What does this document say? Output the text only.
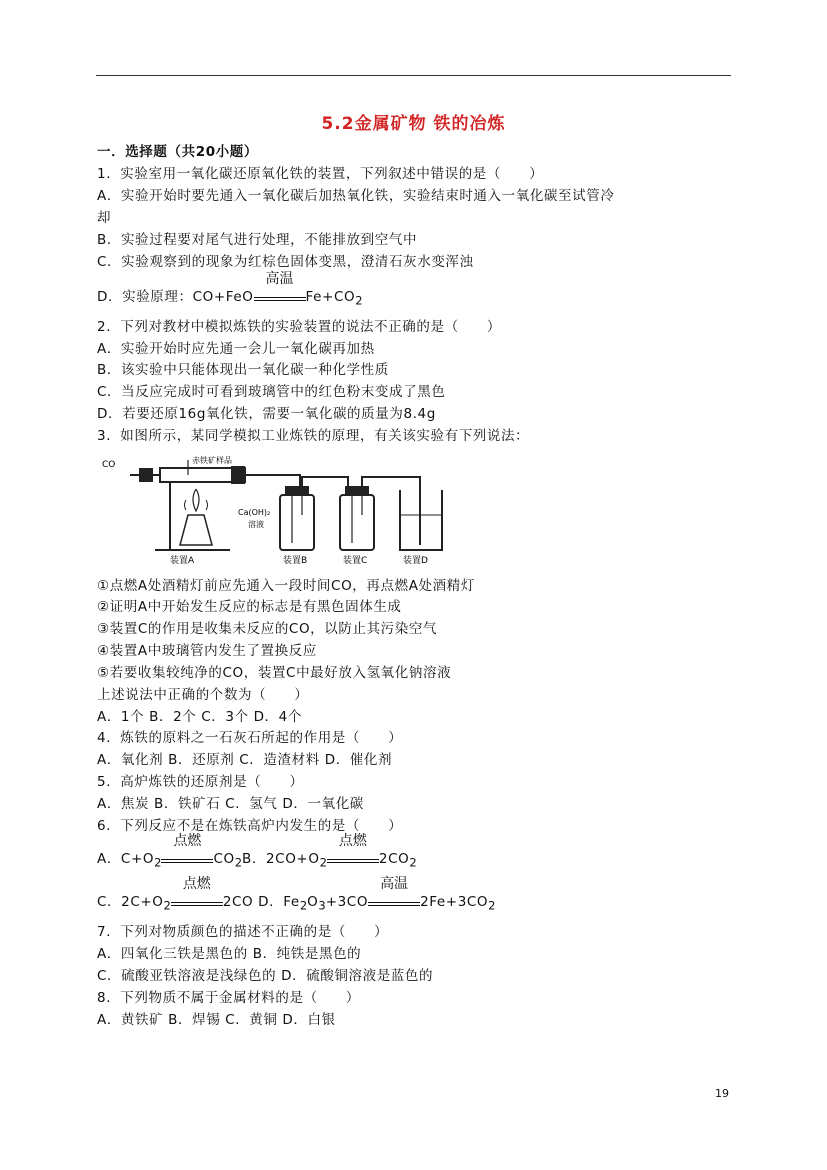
5.2金属矿物 铁的冶炼
一．选择题（共20小题）
1．实验室用一氧化碳还原氧化铁的装置，下列叙述中错误的是（　　）
A．实验开始时要先通入一氧化碳后加热氧化铁，实验结束时通入一氧化碳至试管冷
却
B．实验过程要对尾气进行处理，不能排放到空气中
C．实验观察到的现象为红棕色固体变黑，澄清石灰水变浑浊
D．实验原理：CO+FeO
高温
$Fe+CO_2$
2．下列对教材中模拟炼铁的实验装置的说法不正确的是（　　）
A．实验开始时应先通一会儿一氧化碳再加热
B．该实验中只能体现出一氧化碳一种化学性质
C．当反应完成时可看到玻璃管中的红色粉末变成了黑色
D．若要还原16g氧化铁，需要一氧化碳的质量为8.4g
3．如图所示，某同学模拟工业炼铁的原理，有关该实验有下列说法：
CO	赤铁矿样品
Ca(OH)₂
溶液
装置A	装置B	装置C	装置D
①点燃A处酒精灯前应先通入一段时间CO，再点燃A处酒精灯
②证明A中开始发生反应的标志是有黑色固体生成
③装置C的作用是收集未反应的CO，以防止其污染空气
④装置A中玻璃管内发生了置换反应
⑤若要收集较纯净的CO，装置C中最好放入氢氧化钠溶液
上述说法中正确的个数为（　　）
A．1个 B．2个 C．3个 D．4个
4．炼铁的原料之一石灰石所起的作用是（　　）
A．氧化剂 B．还原剂 C．造渣材料 D．催化剂
5．高炉炼铁的还原剂是（　　）
A．焦炭 B．铁矿石 C．氢气 D．一氧化碳
6．下列反应不是在炼铁高炉内发生的是（　　）
A．$C+O_2$
点燃
$CO_2B$．$2CO+O_2$
点燃
$2CO_2$
C．$2C+O_2$
点燃
2CO D．$Fe_2O_3+3CO$
高温
$2Fe+3CO_2$
7．下列对物质颜色的描述不正确的是（　　）
A．四氧化三铁是黑色的 B．纯铁是黑色的
C．硫酸亚铁溶液是浅绿色的 D．硫酸铜溶液是蓝色的
8．下列物质不属于金属材料的是（　　）
A．黄铁矿 B．焊锡 C．黄铜 D．白银
19
